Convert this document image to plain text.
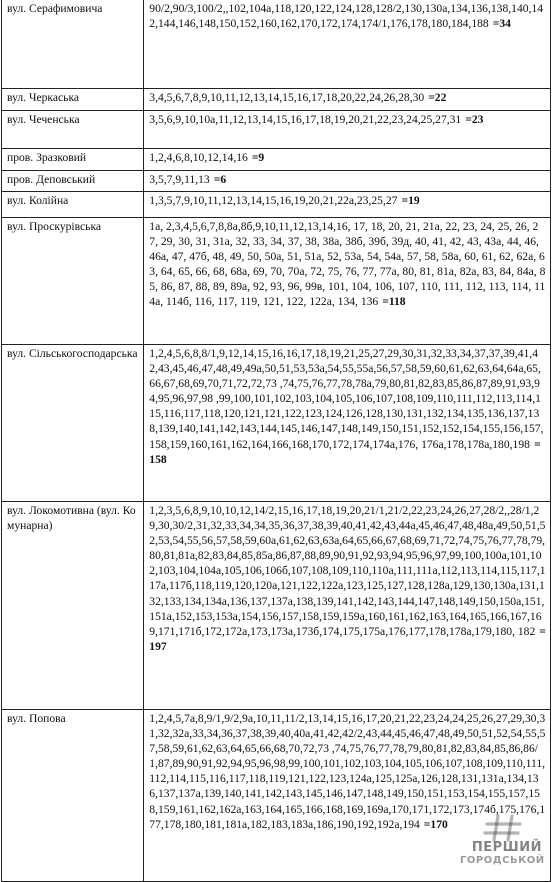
вул. Серафимовича	90/2,90/3,100/2,,102,104а,118,120,122,124,128,128/2,130,130а,134,136,138,140,142,144,146,148,150,152,160,162,170,172,174,174/1,176,178,180,184,188 =34
вул. Черкаська	3,4,5,6,7,8,9,10,11,12,13,14,15,16,17,18,20,22,24,26,28,30 =22
вул. Чеченська	3,5,6,9,10,10а,11,12,13,14,15,16,17,18,19,20,21,22,23,24,25,27,31 =23
пров. Зразковий	1,2,4,6,8,10,12,14,16 =9
пров. Деповський	3,5,7,9,11,13 =6
вул. Колійна	1,3,5,7,9,10,11,12,13,14,15,16,19,20,21,22а,23,25,27 =19
вул. Проскурівська	1а, 2,3,4,5,6,7,8,8а,8б,9,10,11,12,13,14,16, 17, 18, 20, 21, 21а, 22, 23, 24, 25, 26, 27, 29, 30, 31, 31а, 32, 33, 34, 37, 38, 38а, 38б, 39б, 39д, 40, 41, 42, 43, 43а, 44, 46, 46а, 47, 47б, 48, 49, 50, 50а, 51, 51а, 52, 53а, 54, 54а, 57, 58, 58а, 60, 61, 62, 62а, 63, 64, 65, 66, 68, 68а, 69, 70, 70а, 72, 75, 76, 77, 77а, 80, 81, 81а, 82а, 83, 84, 84а, 85, 86, 87, 88, 89, 89а, 92, 93, 96, 99в, 101, 104, 106, 107, 110, 111, 112, 113, 114, 114а, 114б, 116, 117, 119, 121, 122, 122а, 134, 136 =118
вул. Сільськогосподарська	1,2,4,5,6,8,8/1,9,12,14,15,16,16,17,18,19,21,25,27,29,30,31,32,33,34,37,37,39,41,42,43,45,46,47,48,49,49а,50,51,53,53а,54,55,55а,56,57,58,59,60,61,62,63,64,64а,65,66,67,68,69,70,71,72,72,73 ,74,75,76,77,78,78а,79,80,81,82,83,85,86,87,89,91,93,94,95,96,97,98 ,99,100,101,102,103,104,105,106,107,108,109,110,111,112,113,114,115,116,117,118,120,121,121,122,123,124,126,128,130,131,132,134,135,136,137,138,139,140,141,142,143,144,145,146,147,148,149,150,151,152,152,154,155,156,157,158,159,160,161,162,164,166,168,170,172,174,174а,176, 176а,178,178а,180,198 =158
вул. Локомотивна (вул. Комунарна)	1,2,3,5,6,8,9,10,10,12,14/2,15,16,17,18,19,20,21/1,21/2,22,23,24,26,27,28/2,,28/1,29,30,30/2,31,32,33,34,34,35,36,37,38,39,40,41,42,43,44а,45,46,47,48,48а,49,50,51,52,53,54,55,56,57,58,59,60а,61,62,63,63а,64,65,66,67,68,69,71,72,74,75,76,77,78,79,80,81,81а,82,83,84,85,85а,86,87,88,89,90,91,92,93,94,95,96,97,99,100,100а,101,102,103,104,104а,105,106,106б,107,108,109,110,110а,111,111а,112,113,114,115,117,117а,117б,118,119,120,120а,121,122,122а,123,125,127,128,128а,129,130,130а,131,132,133,134,134а,136,137,137а,138,139,141,142,143,144,147,148,149,150,150а,151,151а,152,153,153а,154,156,157,158,159,159а,160,161,162,163,164,165,166,167,169,171,171б,172,172а,173,173а,173б,174,175,175а,176,177,178,178а,179,180, 182 =197
вул. Попова	1,2,4,5,7а,8,9/1,9/2,9а,10,11,11/2,13,14,15,16,17,20,21,22,23,24,24,25,26,27,29,30,31,32,32а,33,34,36,37,38,39,40,40а,41,42,42/2,43,44,45,46,47,48,49,50,51,52,54,55,57,58,59,61,62,63,64,65,66,68,70,72,73 ,74,75,76,77,78,79,80,81,82,83,84,85,86,86/1,87,89,90,91,92,94,95,96,98,99,100,101,102,103,104,105,106,107,108,109,110,111,112,114,115,116,117,118,119,121,122,123,124а,125,125а,126,128,131,131а,134,136,137,137а,139,140,141,142,143,145,146,147,148,149,150,151,153,154,155,157,158,159,161,162,162а,163,164,165,166,168,169,169а,170,171,172,173,174б,175,176,177,178,180,181,181а,182,183,183а,186,190,192,192а,194 =170
ПЕРШИЙ
ГОРОДСЬКОЙ
